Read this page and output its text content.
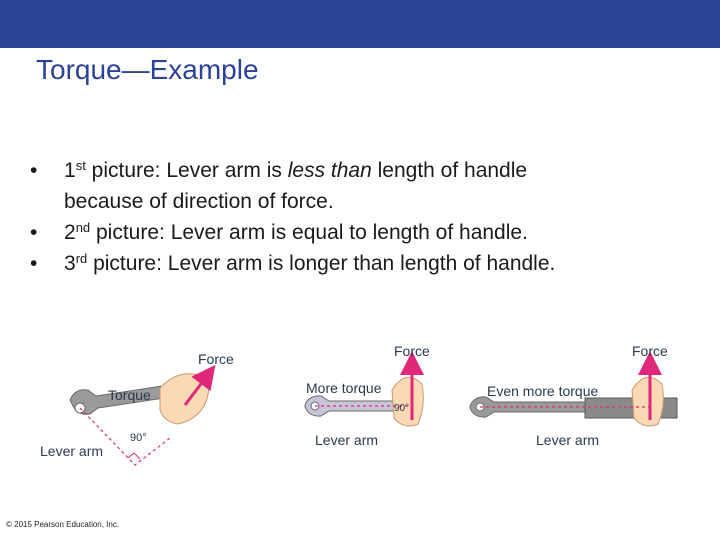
Torque—Example
•	1st picture: Lever arm is less than length of handle
because of direction of force.
•	2nd picture: Lever arm is equal to length of handle.
•	3rd picture: Lever arm is longer than length of handle.
Force
Torque
90°
Lever arm
Force
More torque
90°
Lever arm
Force
Even more torque
Lever arm
© 2015 Pearson Education, Inc.
